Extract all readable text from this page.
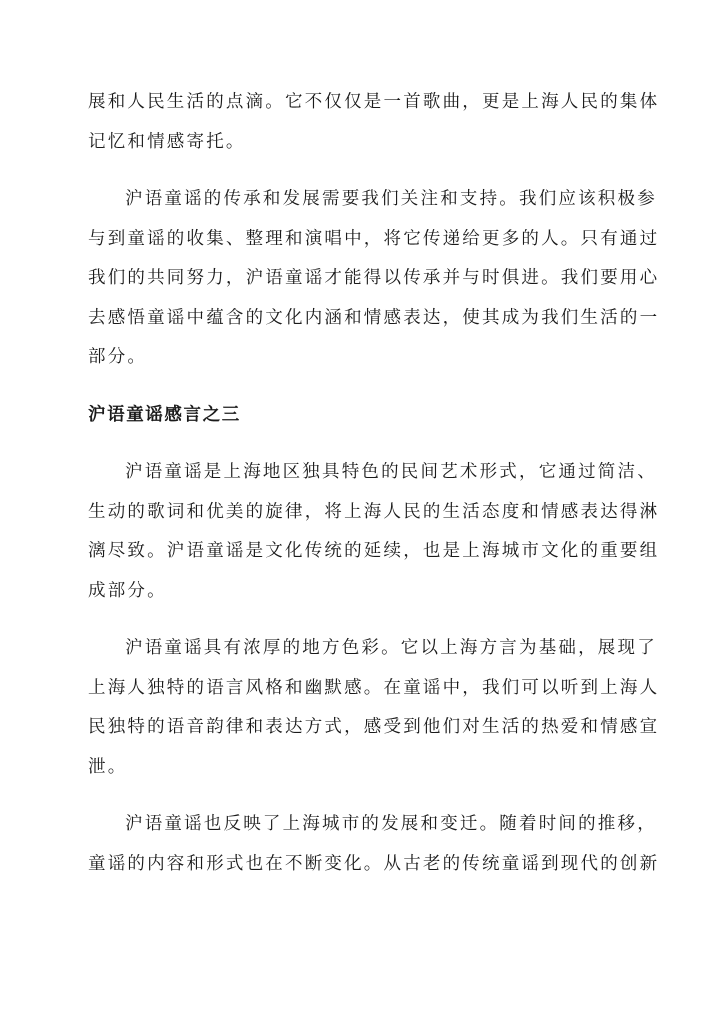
展和人民生活的点滴。它不仅仅是一首歌曲，更是上海人民的集体
记忆和情感寄托。

沪语童谣的传承和发展需要我们关注和支持。我们应该积极参
与到童谣的收集、整理和演唱中，将它传递给更多的人。只有通过
我们的共同努力，沪语童谣才能得以传承并与时俱进。我们要用心
去感悟童谣中蕴含的文化内涵和情感表达，使其成为我们生活的一
部分。

沪语童谣感言之三

沪语童谣是上海地区独具特色的民间艺术形式，它通过简洁、
生动的歌词和优美的旋律，将上海人民的生活态度和情感表达得淋
漓尽致。沪语童谣是文化传统的延续，也是上海城市文化的重要组
成部分。

沪语童谣具有浓厚的地方色彩。它以上海方言为基础，展现了
上海人独特的语言风格和幽默感。在童谣中，我们可以听到上海人
民独特的语音韵律和表达方式，感受到他们对生活的热爱和情感宣
泄。

沪语童谣也反映了上海城市的发展和变迁。随着时间的推移，
童谣的内容和形式也在不断变化。从古老的传统童谣到现代的创新
